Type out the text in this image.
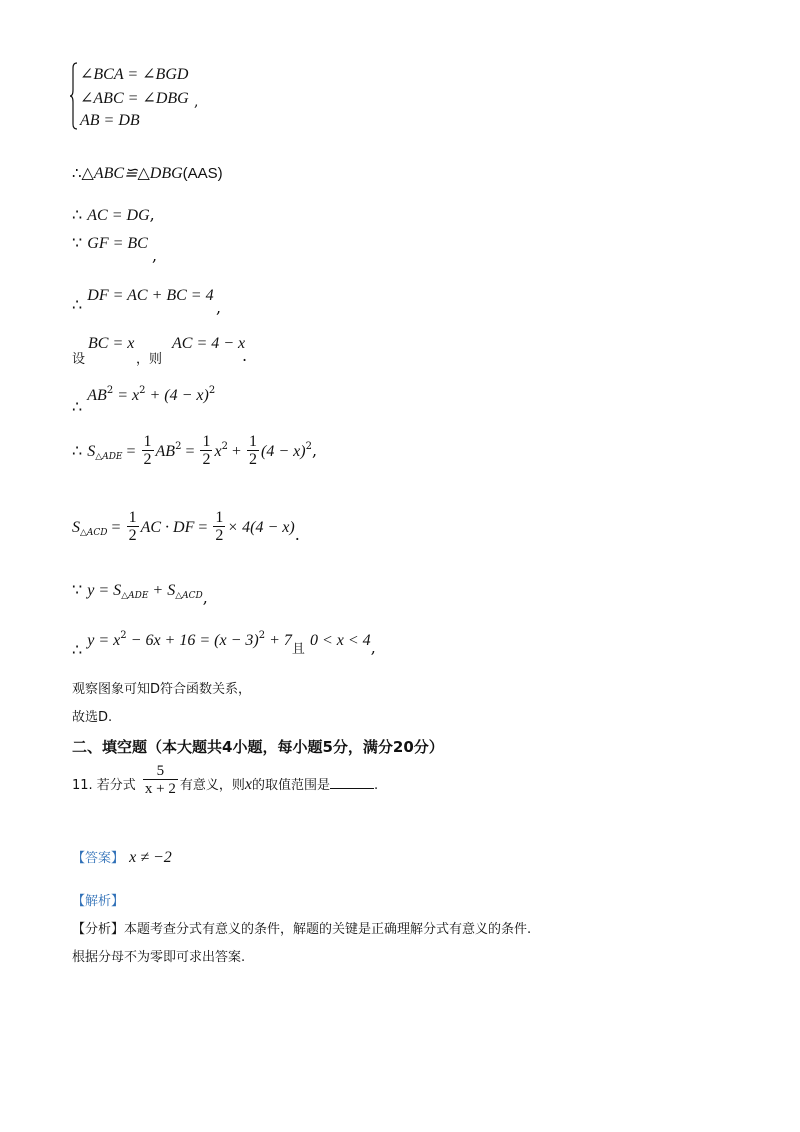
∠BCA = ∠BGD
∠ABC = ∠DBG ,
AB = DB
∴△ABC≌△DBG(AAS)
∴ AC = DG,
∵ GF = BC
,
∴ DF = AC + BC = 4
,
设
BC = x
，则
AC = 4 − x
.
∴ $AB^2 = x^2 + (4 - x)^2$
∴ $S_{\triangle ADE} = \frac{1}{2} AB^2 = \frac{1}{2} x^2 + \frac{1}{2} (4 - x)^2$,
$S_{\triangle ACD} = \frac{1}{2}$ AC · DF = $\frac{1}{2} \times 4(4 - x)$.
∵ $y = S_{\triangle ADE} + S_{\triangle ACD}$,
∴ $y = x^2 - 6x + 16 = (x - 3)^2 + 7_且$ 0 < x < 4,
观察图象可知D符合函数关系，
故选D.
二、填空题（本大题共4小题，每小题5分，满分20分）
$_{11. 若分式} \frac{5}{x + 2} _{有意义,则}x_{的取值范围是}$	$_.$
【答案】 x ≠ −2
【解析】
【分析】本题考查分式有意义的条件，解题的关键是正确理解分式有意义的条件.
根据分母不为零即可求出答案.
